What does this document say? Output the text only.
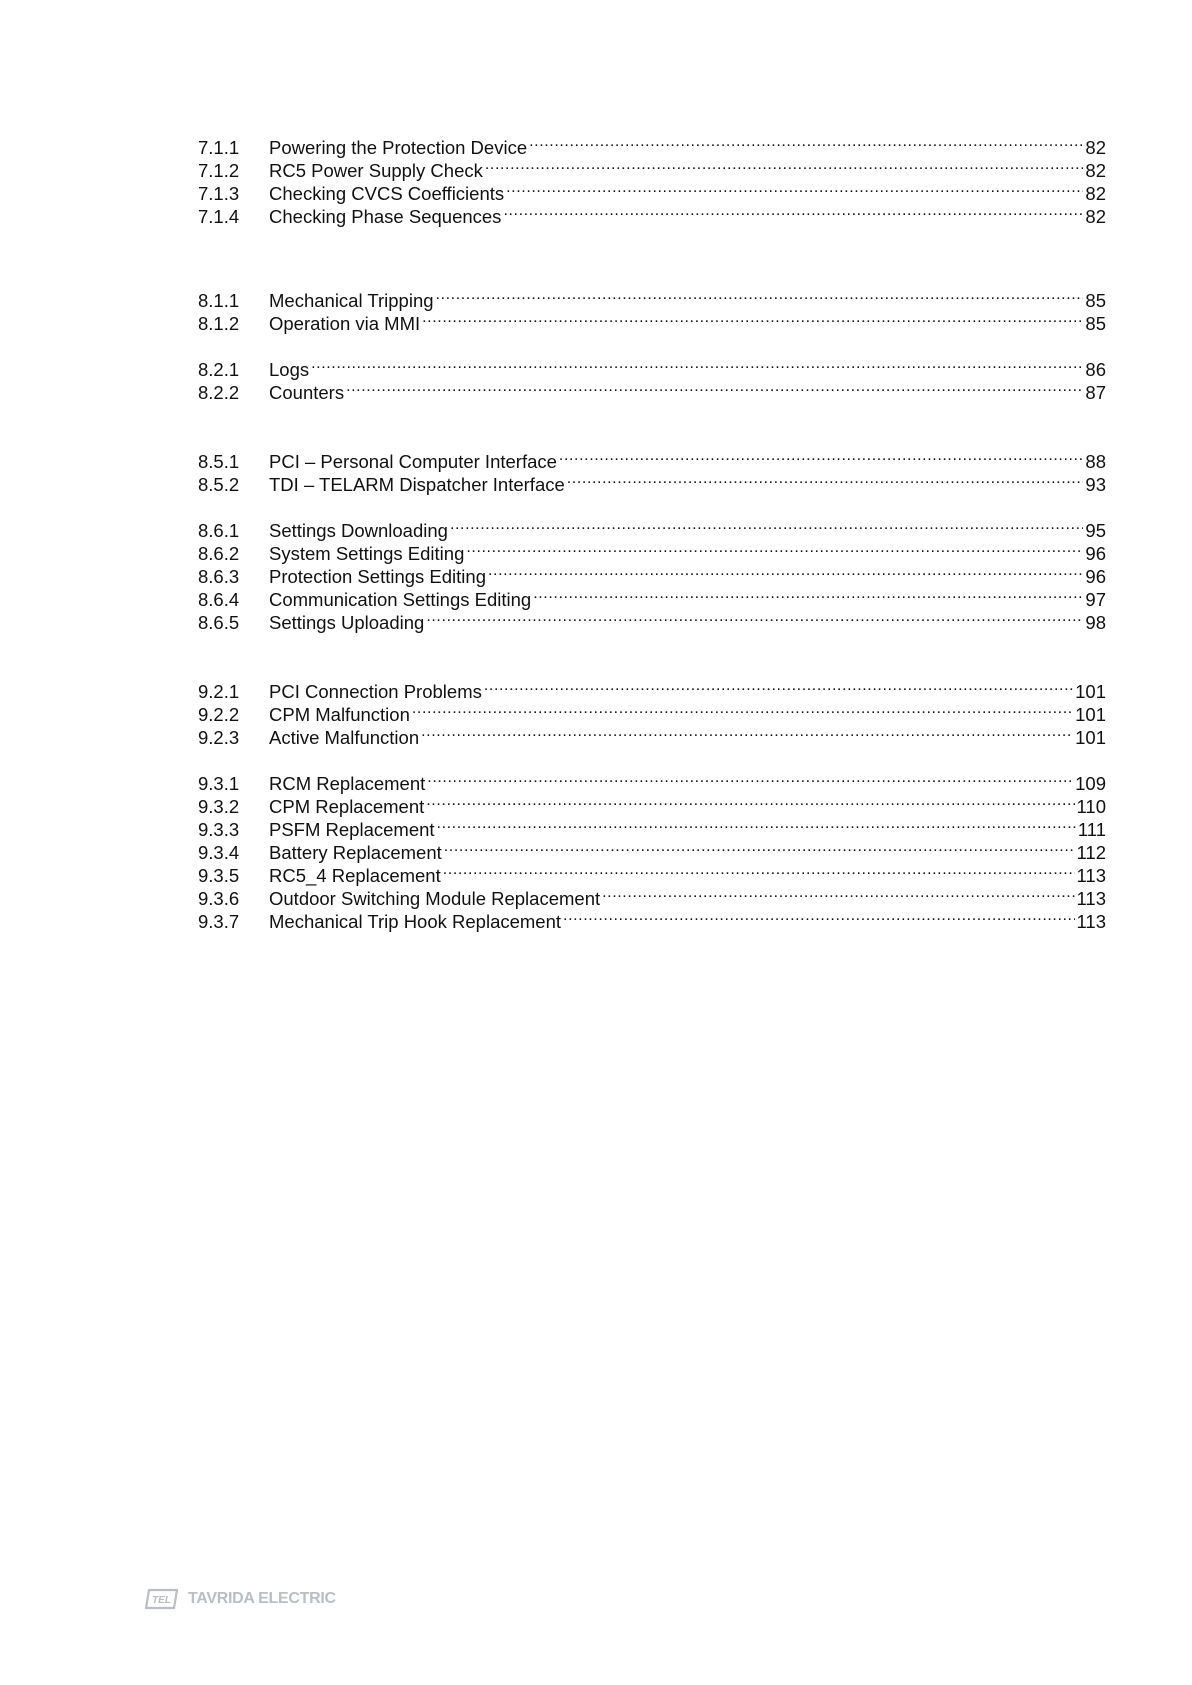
7.1.1	Powering the Protection Device .....	82
7.1.2	RC5 Power Supply Check .....	82
7.1.3	Checking CVCS Coefficients .....	82
7.1.4	Checking Phase Sequences .....	82
8.1.1	Mechanical Tripping .....	85
8.1.2	Operation via MMI .....	85
8.2.1	Logs .....	86
8.2.2	Counters .....	87
8.5.1	PCI – Personal Computer Interface .....	88
8.5.2	TDI – TELARM Dispatcher Interface .....	93
8.6.1	Settings Downloading .....	95
8.6.2	System Settings Editing .....	96
8.6.3	Protection Settings Editing .....	96
8.6.4	Communication Settings Editing .....	97
8.6.5	Settings Uploading .....	98
9.2.1	PCI Connection Problems .....	101
9.2.2	CPM Malfunction .....	101
9.2.3	Active Malfunction .....	101
9.3.1	RCM Replacement .....	109
9.3.2	CPM Replacement .....	110
9.3.3	PSFM Replacement .....	111
9.3.4	Battery Replacement .....	112
9.3.5	RC5_4 Replacement .....	113
9.3.6	Outdoor Switching Module Replacement .....	113
9.3.7	Mechanical Trip Hook Replacement .....	113
TEL TAVRIDA ELECTRIC
